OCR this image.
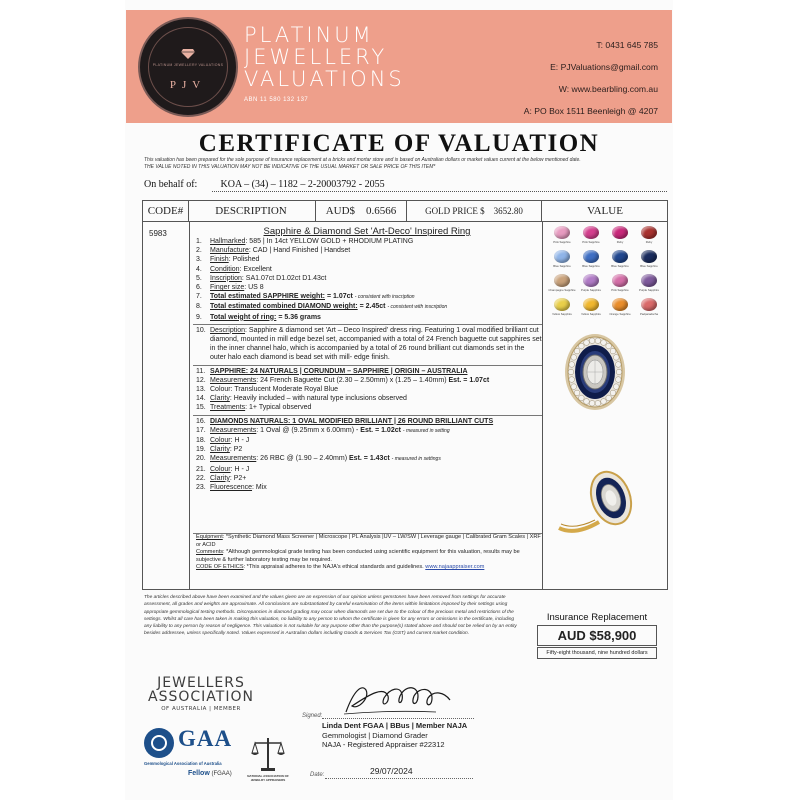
PLATINUM JEWELLERY VALUATIONS
PJV
PLATINUM
JEWELLERY
VALUATIONS
ABN 11 580 132 137
T: 0431 645 785
E: PJValuations@gmail.com
W: www.bearbling.com.au
A: PO Box 1511 Beenleigh @ 4207
CERTIFICATE OF VALUATION
This valuation has been prepared for the sole purpose of insurance replacement at a bricks and mortar store and is based on Australian dollars or market values current at the below mentioned date.
THE VALUE NOTED IN THIS VALUATION MAY NOT BE INDICATIVE OF THE USUAL MARKET OR SALE PRICE OF THIS ITEM*
On behalf of: KOA – (34) – 1182 – 2-20003792 - 2055
CODE#	DESCRIPTION	AUD$ 0.6566	GOLD PRICE $ 3652.80	VALUE
5983	Sapphire & Diamond Set 'Art-Deco' Inspired Ring
1.	Hallmarked: 585 | In 14ct YELLOW GOLD + RHODIUM PLATING
2.	Manufacture: CAD | Hand Finished | Handset
3.	Finish: Polished
4.	Condition: Excellent
5.	Inscription: SA1.07ct D1.02ct D1.43ct
6.	Finger size: US 8
7.	Total estimated SAPPHIRE weight: = 1.07ct - consistent with inscription
8.	Total estimated combined DIAMOND weight: = 2.45ct - consistent with inscription
9.	Total weight of ring: = 5.36 grams
10. Description: Sapphire & diamond set 'Art – Deco Inspired' dress ring. Featuring 1 oval modified brilliant cut diamond, mounted in mill edge bezel set, accompanied with a total of 24 French baguette cut sapphires set in the inner channel halo, which is accompanied by a total of 26 round brilliant cut diamonds set in the outer halo each diamond is bead set with mill- edge finish.
11. SAPPHIRE: 24 NATURALS | CORUNDUM – SAPPHIRE | ORIGIN – AUSTRALIA
12. Measurements: 24 French Baguette Cut (2.30 – 2.50mm) x (1.25 – 1.40mm) Est. = 1.07ct
13. Colour: Translucent Moderate Royal Blue
14. Clarity: Heavily included – with natural type inclusions observed
15. Treatments: 1+ Typical observed
16. DIAMONDS NATURALS: 1 OVAL MODIFIED BRILLIANT | 26 ROUND BRILLIANT CUTS
17. Measurements: 1 Oval @ (9.25mm x 6.00mm) - Est. = 1.02ct - measured in setting
18. Colour: H - J
19. Clarity: P2
20. Measurements: 26 RBC @ (1.90 – 2.40mm) Est. = 1.43ct - measured in settings
21. Colour: H - J
22. Clarity: P2+
23. Fluorescence: Mix
Equipment: *Synthetic Diamond Mass Screener | Microscope | PL Analysis |UV – LW/SW | Leverage gauge | Calibrated Gram Scales | XRF or ACID
Comments: *Although gemmological grade testing has been conducted using scientific equipment for this valuation, results may be subjective & further laboratory testing may be required.
CODE OF ETHICS: *This appraisal adheres to the NAJA's ethical standards and guidelines. www.najaappraiser.com
Pink Sapphire	Pink Sapphire	Ruby	Ruby
Blue Sapphire	Blue Sapphire	Blue Sapphire	Blue Sapphire
Champagne Sapphire	Purple Sapphire	Pink Sapphire	Purple Sapphire
Yellow Sapphire	Yellow Sapphire	Orange Sapphire	Padparadscha
The articles described above have been examined and the values given are an expression of our opinion unless gemstones have been removed from settings for accurate assessment, all grades and weights are approximate. All conclusions are substantiated by careful examination of the items within limitations imposed by their settings using appropriate gemmological testing methods. Discrepancies in diamond grading may occur when diamonds are set due to the colour of the precious metal and restrictions of the settings. Whilst all care has been taken in making this valuation, no liability to any person to whom the certificate is given for any errors or omissions in the certificate, including any liability to any person by reason of negligence. This valuation is not suitable for any purpose other than the purpose(s) stated above and should not be relied on by an entity besides addressee, unless specifically noted. Values expressed in Australian dollars including Goods & Services Tax (GST) and current market condition.
Insurance Replacement
AUD $58,900
Fifty-eight thousand, nine hundred dollars
JEWELLERS
ASSOCIATION
OF AUSTRALIA | MEMBER
GAA
Gemmological Association of Australia
Fellow (FGAA)	NATIONAL ASSOCIATION OF JEWELRY APPRAISERS
Signed:
Linda Dent FGAA | BBus | Member NAJA
Gemmologist | Diamond Grader
NAJA - Registered Appraiser #22312
Date:	29/07/2024
